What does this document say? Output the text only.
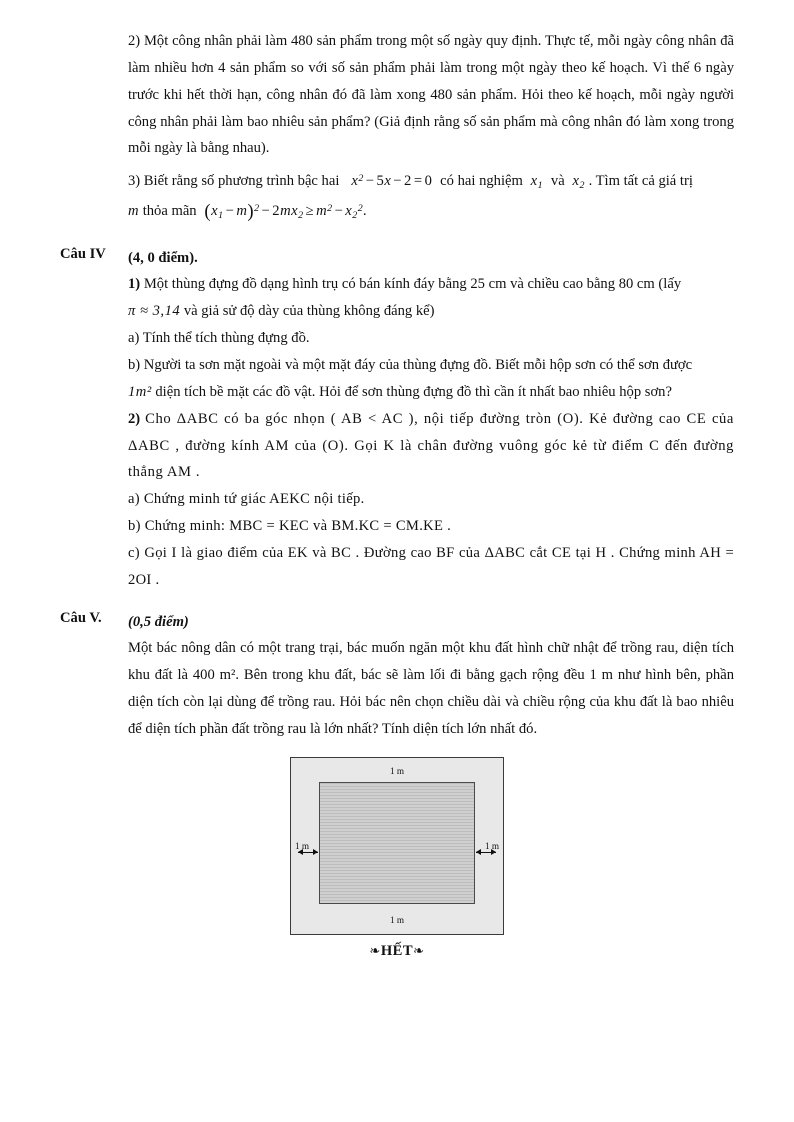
2) Một công nhân phải làm 480 sản phẩm trong một số ngày quy định. Thực tế, mỗi ngày công nhân đã làm nhiều hơn 4 sản phẩm so với số sản phẩm phải làm trong một ngày theo kế hoạch. Vì thế 6 ngày trước khi hết thời hạn, công nhân đó đã làm xong 480 sản phẩm. Hỏi theo kế hoạch, mỗi ngày người công nhân phải làm bao nhiêu sản phẩm? (Giả định rằng số sản phẩm mà công nhân đó làm xong trong mỗi ngày là bằng nhau).

3) Biết rằng số phương trình bậc hai   $x^2 - 5x - 2 = 0$ có hai nghiệm  $x_1$ và  $x_2$ . Tìm tất cả giá trị

m thỏa mãn $(x_1 - m)^2 - 2mx_2 \ge m^2 - x_2^2$.

Câu IV	(4, 0 điểm).

1) Một thùng đựng đồ dạng hình trụ có bán kính đáy bằng 25 cm và chiều cao bằng 80 cm (lấy

π ≈ 3,14 và giả sử độ dày của thùng không đáng kể)

a) Tính thể tích thùng đựng đồ.

b) Người ta sơn mặt ngoài và một mặt đáy của thùng đựng đồ. Biết mỗi hộp sơn có thể sơn được

1m² diện tích bề mặt các đồ vật. Hỏi để sơn thùng đựng đồ thì cần ít nhất bao nhiêu hộp sơn?

2) Cho ΔABC có ba góc nhọn ( AB < AC ), nội tiếp đường tròn (O). Kẻ đường cao CE của ΔABC , đường kính AM của (O). Gọi K là chân đường vuông góc kẻ từ điểm C đến đường thẳng AM .

a) Chứng minh tứ giác AEKC nội tiếp.

b) Chứng minh: MBC = KEC và BM.KC = CM.KE .

c) Gọi I là giao điểm của EK và BC . Đường cao BF của ΔABC cắt CE tại H . Chứng minh AH = 2OI .

Câu V.	(0,5 điểm)

Một bác nông dân có một trang trại, bác muốn ngăn một khu đất hình chữ nhật để trồng rau, diện tích khu đất là 400 m². Bên trong khu đất, bác sẽ làm lối đi bằng gạch rộng đều 1 m như hình bên, phần diện tích còn lại dùng để trồng rau. Hỏi bác nên chọn chiều dài và chiều rộng của khu đất là bao nhiêu để diện tích phần đất trồng rau là lớn nhất? Tính diện tích lớn nhất đó.

1 m
1 m
1 m	1 m
❧HẾT❧
